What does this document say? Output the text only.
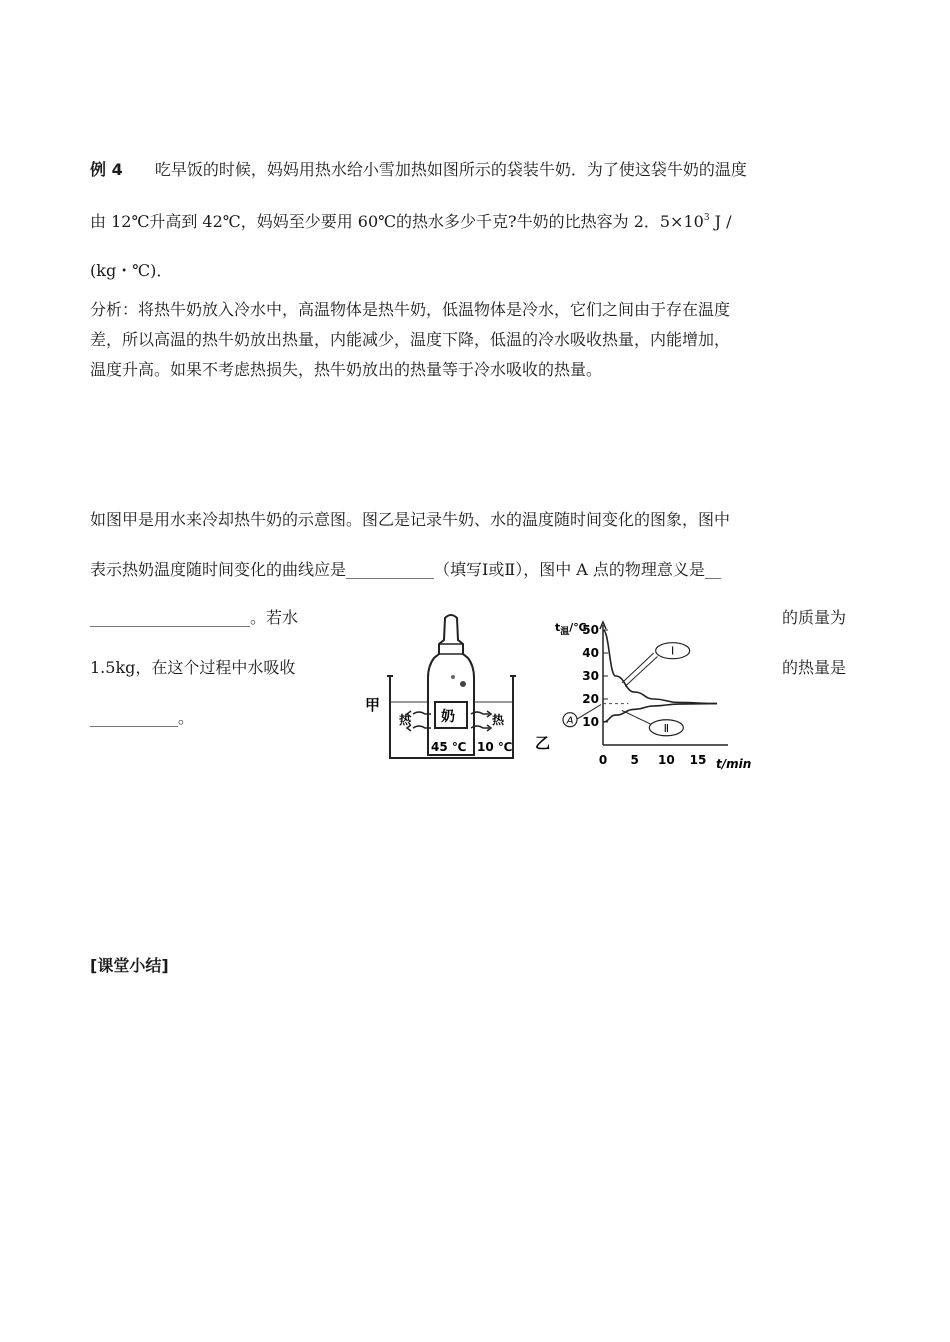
例 4 吃早饭的时候，妈妈用热水给小雪加热如图所示的袋装牛奶．为了使这袋牛奶的温度
由 12℃升高到 42℃，妈妈至少要用 60℃的热水多少千克?牛奶的比热容为 2．$5\times 10^3$ J /
(kg・℃)．
分析：将热牛奶放入冷水中，高温物体是热牛奶，低温物体是冷水，它们之间由于存在温度
差，所以高温的热牛奶放出热量，内能减少，温度下降，低温的冷水吸收热量，内能增加，
温度升高。如果不考虑热损失，热牛奶放出的热量等于冷水吸收的热量。
如图甲是用水来冷却热牛奶的示意图。图乙是记录牛奶、水的温度随时间变化的图象，图中
表示热奶温度随时间变化的曲线应是___________（填写Ⅰ或Ⅱ），图中 A 点的物理意义是__
____________________。若水	的质量为
1.5kg，在这个过程中水吸收	的热量是
___________。
甲
奶
45 ℃ 10 ℃
热	热
乙
$t_温/℃$
t/min
10
20
30
40
50
0 5 10 15
Ⅰ
Ⅱ
A
[课堂小结]
